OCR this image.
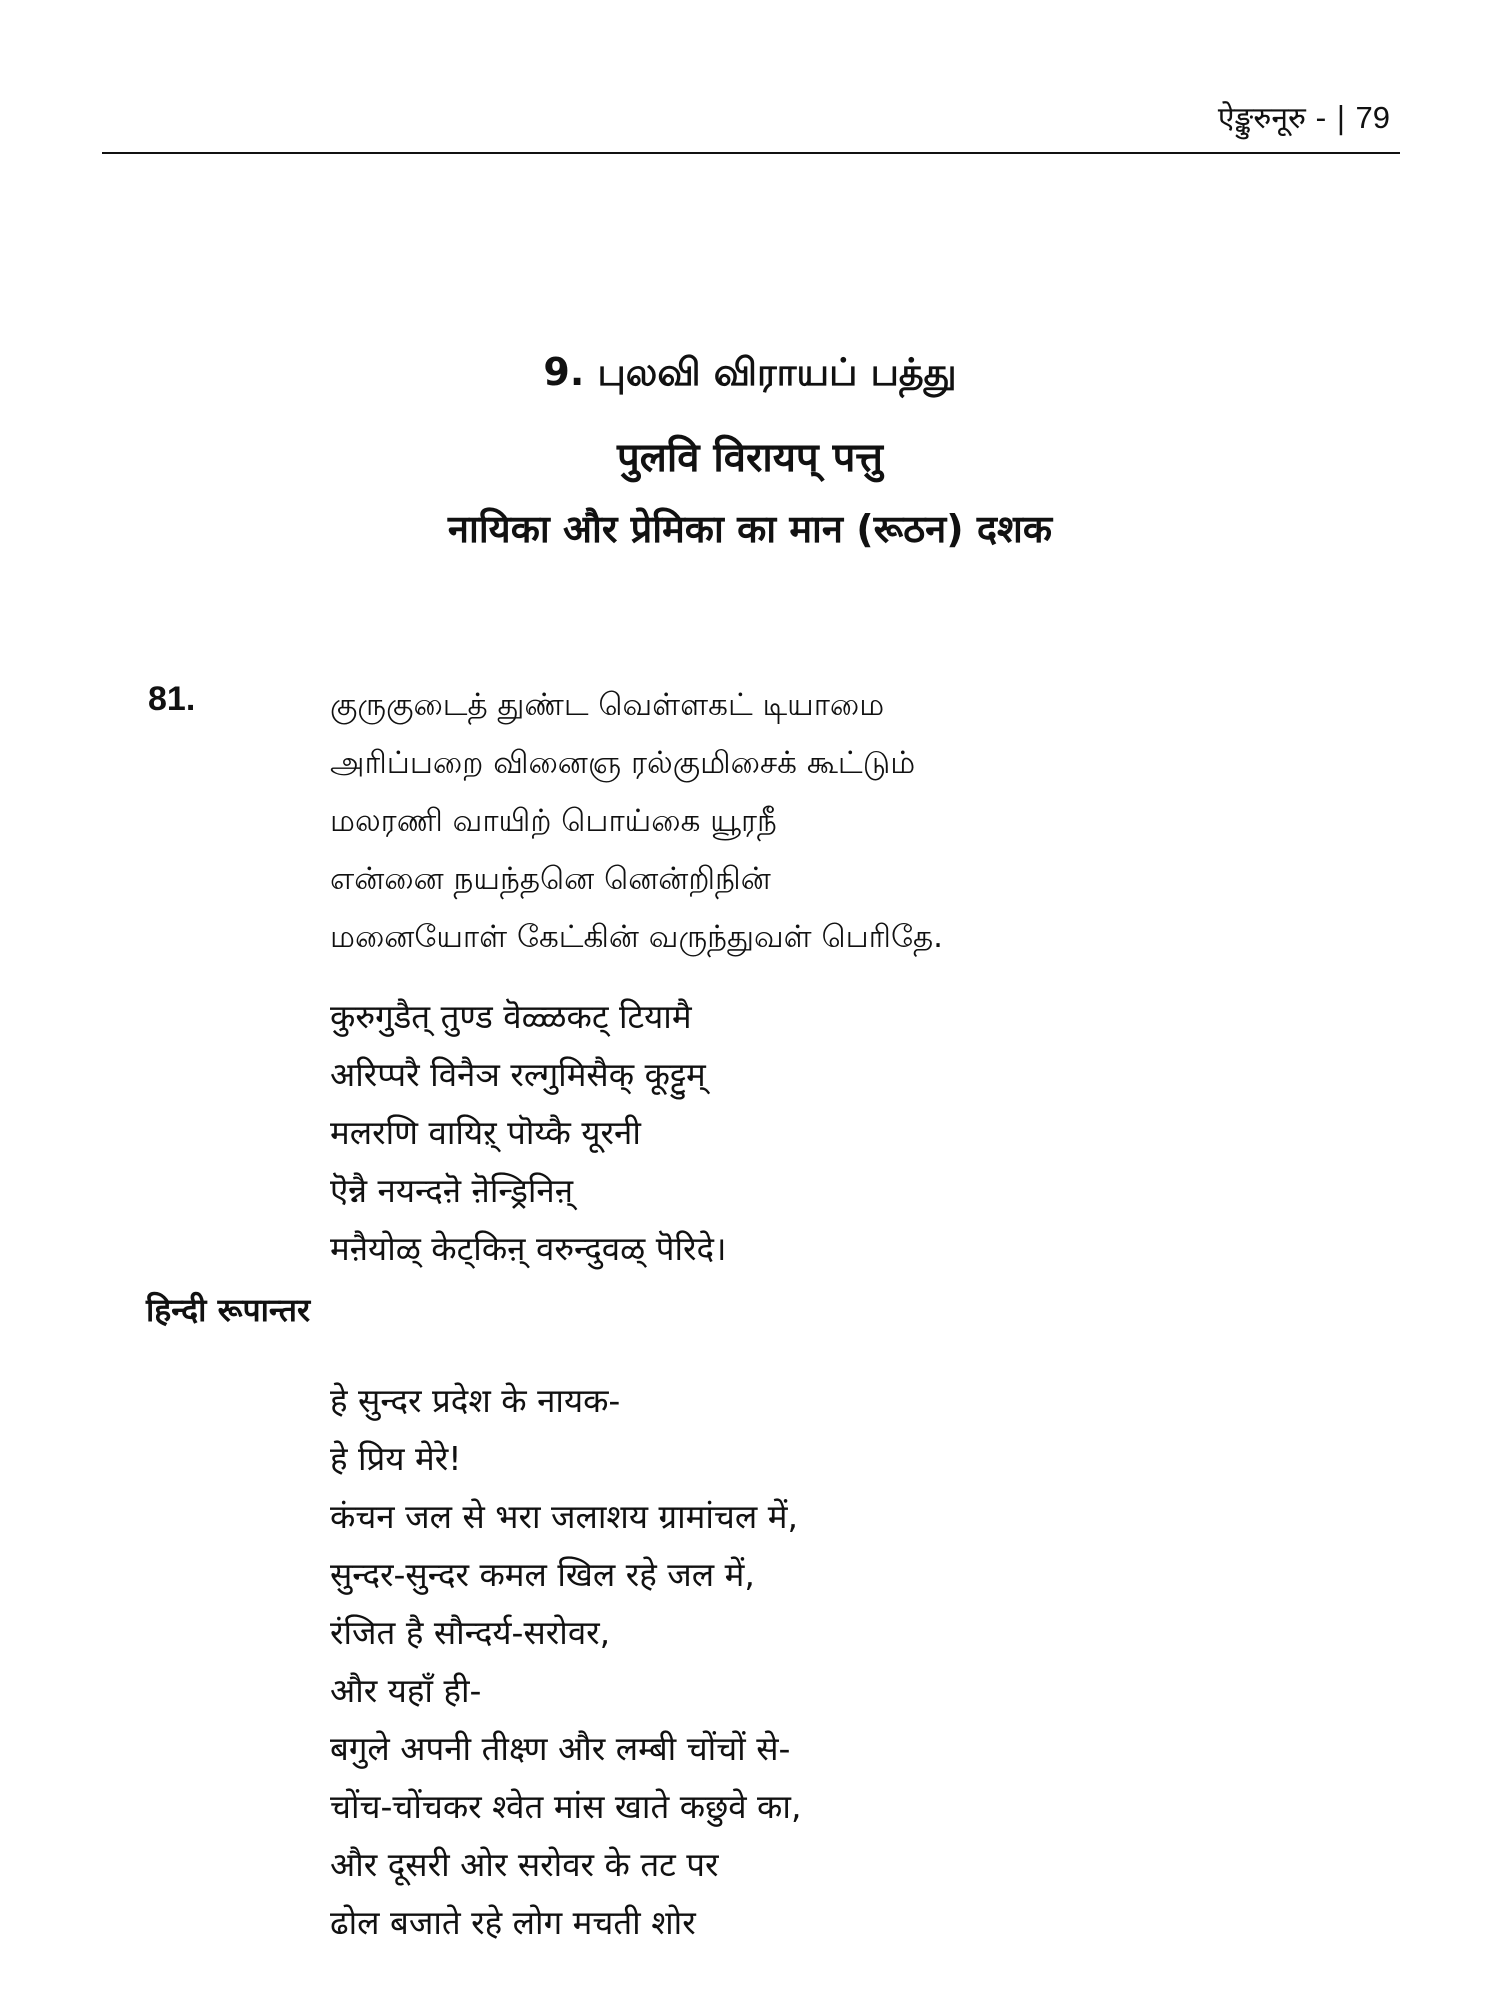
ऐङ्कुरुनूरु - | 79
9. புலவி விராயப் பத்து
पुलवि विरायप् पत्तु
नायिका और प्रेमिका का मान (रूठन) दशक
81.	குருகுடைத் துண்ட வெள்ளகட் டியாமை
அரிப்பறை வினைஞ ரல்குமிசைக் கூட்டும்
மலரணி வாயிற் பொய்கை யூரநீ
என்னை நயந்தனெ னென்றிநின்
மனையோள் கேட்கின் வருந்துவள் பெரிதே.
कुरुगुडैत् तुण्ड वॆळ्ळकट् टियामै
अरिप्परै विनैञ रल्गुमिसैक् कूट्टुम्
मलरणि वायिऱ् पॊय्कै यूरनी
ऎन्नै नयन्दऩॆ ऩॆन्ड्रिनिऩ्
मऩैयोळ् केट्किऩ् वरुन्दुवळ् पॆरिदे।
हिन्दी रूपान्तर
हे सुन्दर प्रदेश के नायक-
हे प्रिय मेरे!
कंचन जल से भरा जलाशय ग्रामांचल में,
सुन्दर-सुन्दर कमल खिल रहे जल में,
रंजित है सौन्दर्य-सरोवर,
और यहाँ ही-
बगुले अपनी तीक्ष्ण और लम्बी चोंचों से-
चोंच-चोंचकर श्वेत मांस खाते कछुवे का,
और दूसरी ओर सरोवर के तट पर
ढोल बजाते रहे लोग मचती शोर
